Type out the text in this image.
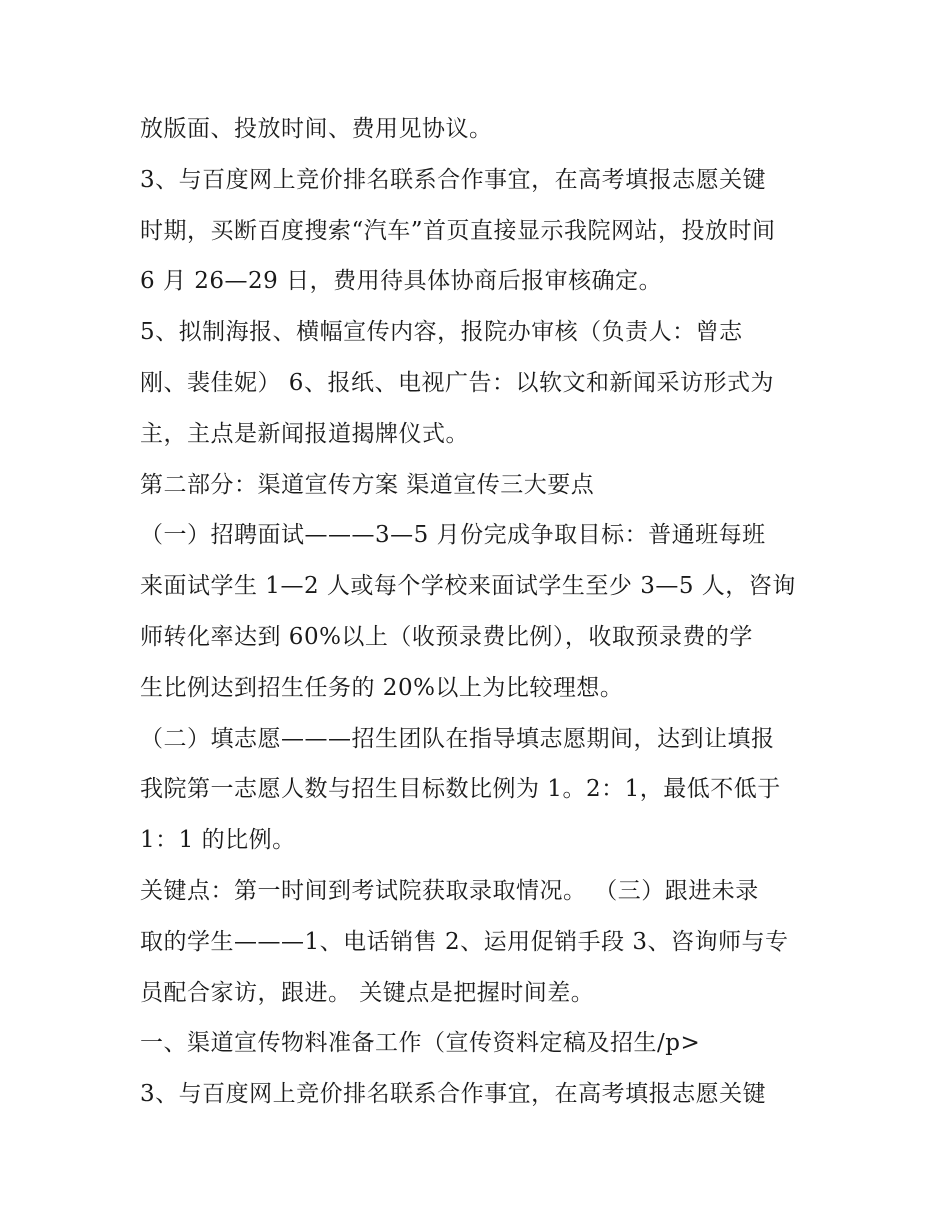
放版面、投放时间、费用见协议。
3、与百度网上竞价排名联系合作事宜，在高考填报志愿关键
时期，买断百度搜索“汽车”首页直接显示我院网站，投放时间
6 月 26—29 日，费用待具体协商后报审核确定。
5、拟制海报、横幅宣传内容，报院办审核（负责人：曾志
刚、裴佳妮） 6、报纸、电视广告：以软文和新闻采访形式为
主，主点是新闻报道揭牌仪式。
第二部分：渠道宣传方案 渠道宣传三大要点
（一）招聘面试———3—5 月份完成争取目标：普通班每班
来面试学生 1—2 人或每个学校来面试学生至少 3—5 人，咨询
师转化率达到 60%以上（收预录费比例），收取预录费的学
生比例达到招生任务的 20%以上为比较理想。
（二）填志愿———招生团队在指导填志愿期间，达到让填报
我院第一志愿人数与招生目标数比例为 1。2：1，最低不低于
1：1 的比例。
关键点：第一时间到考试院获取录取情况。 （三）跟进未录
取的学生———1、电话销售 2、运用促销手段 3、咨询师与专
员配合家访，跟进。 关键点是把握时间差。
一、渠道宣传物料准备工作（宣传资料定稿及招生/p>
3、与百度网上竞价排名联系合作事宜，在高考填报志愿关键
